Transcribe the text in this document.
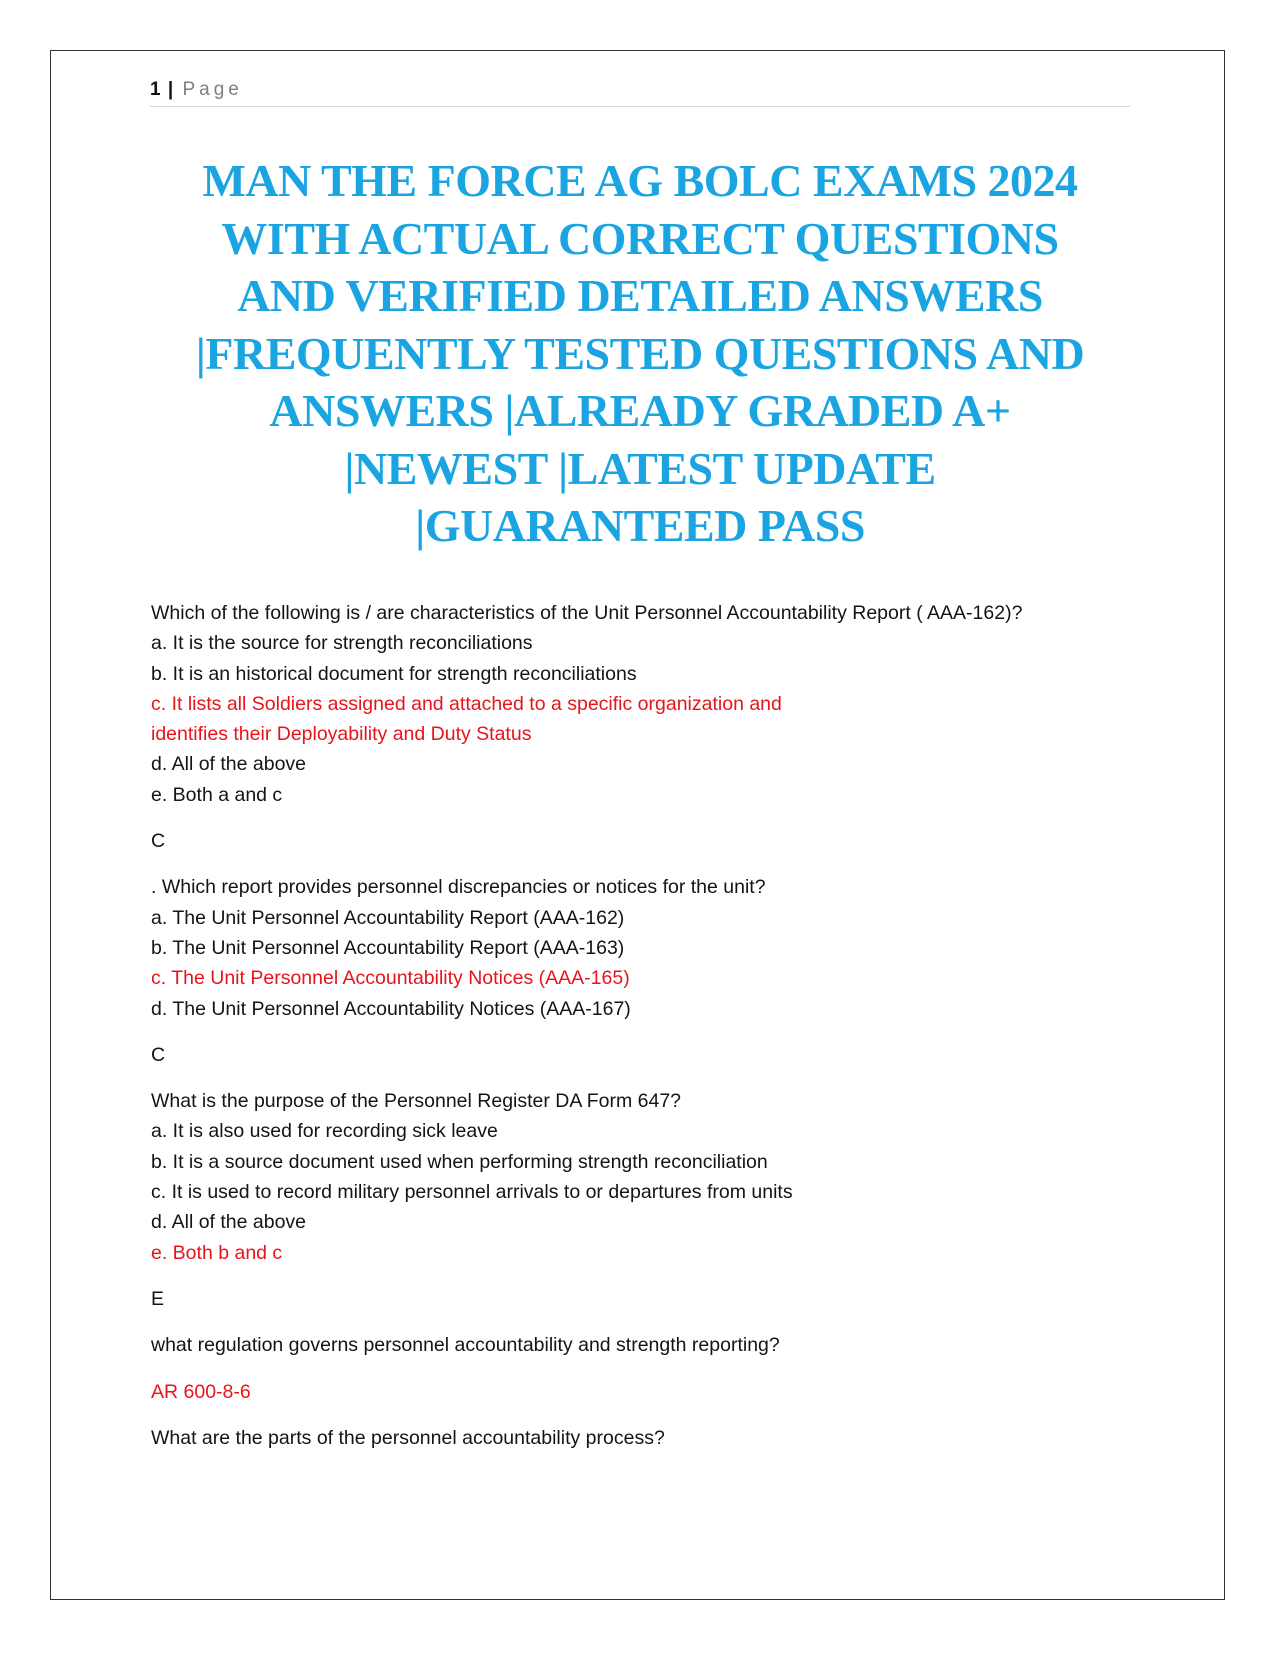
1 | Page
MAN THE FORCE AG BOLC EXAMS 2024
WITH ACTUAL CORRECT QUESTIONS
AND VERIFIED DETAILED ANSWERS
|FREQUENTLY TESTED QUESTIONS AND
ANSWERS |ALREADY GRADED A+
|NEWEST |LATEST UPDATE
|GUARANTEED PASS
Which of the following is / are characteristics of the Unit Personnel Accountability Report ( AAA-162)?
a. It is the source for strength reconciliations
b. It is an historical document for strength reconciliations
c. It lists all Soldiers assigned and attached to a specific organization and
identifies their Deployability and Duty Status
d. All of the above
e. Both a and c
C
. Which report provides personnel discrepancies or notices for the unit?
a. The Unit Personnel Accountability Report (AAA-162)
b. The Unit Personnel Accountability Report (AAA-163)
c. The Unit Personnel Accountability Notices (AAA-165)
d. The Unit Personnel Accountability Notices (AAA-167)
C
What is the purpose of the Personnel Register DA Form 647?
a. It is also used for recording sick leave
b. It is a source document used when performing strength reconciliation
c. It is used to record military personnel arrivals to or departures from units
d. All of the above
e. Both b and c
E
what regulation governs personnel accountability and strength reporting?
AR 600-8-6
What are the parts of the personnel accountability process?
